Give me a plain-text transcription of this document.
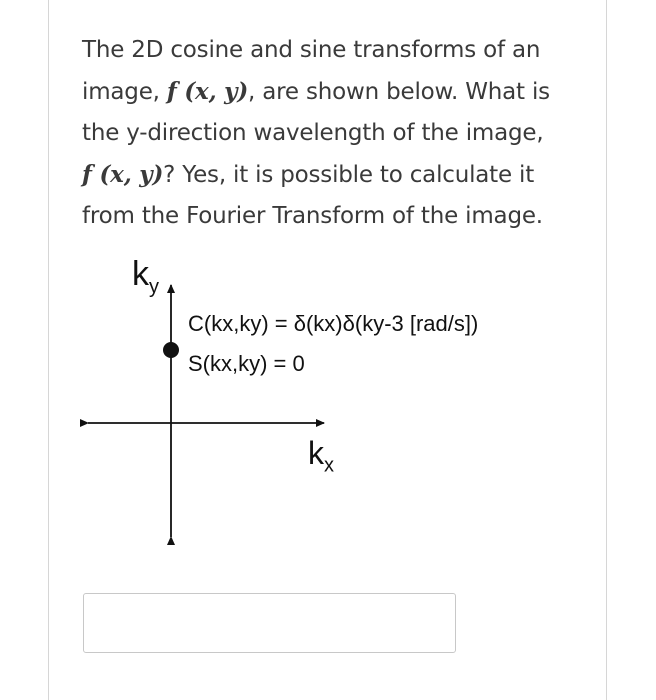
The 2D cosine and sine transforms of an
image, f (x, y), are shown below. What is
the y-direction wavelength of the image,
f (x, y)? Yes, it is possible to calculate it
from the Fourier Transform of the image.
$k_y$
C(kx,ky) = δ(kx)δ(ky-3 [rad/s])
S(kx,ky) = 0
$k_x$
